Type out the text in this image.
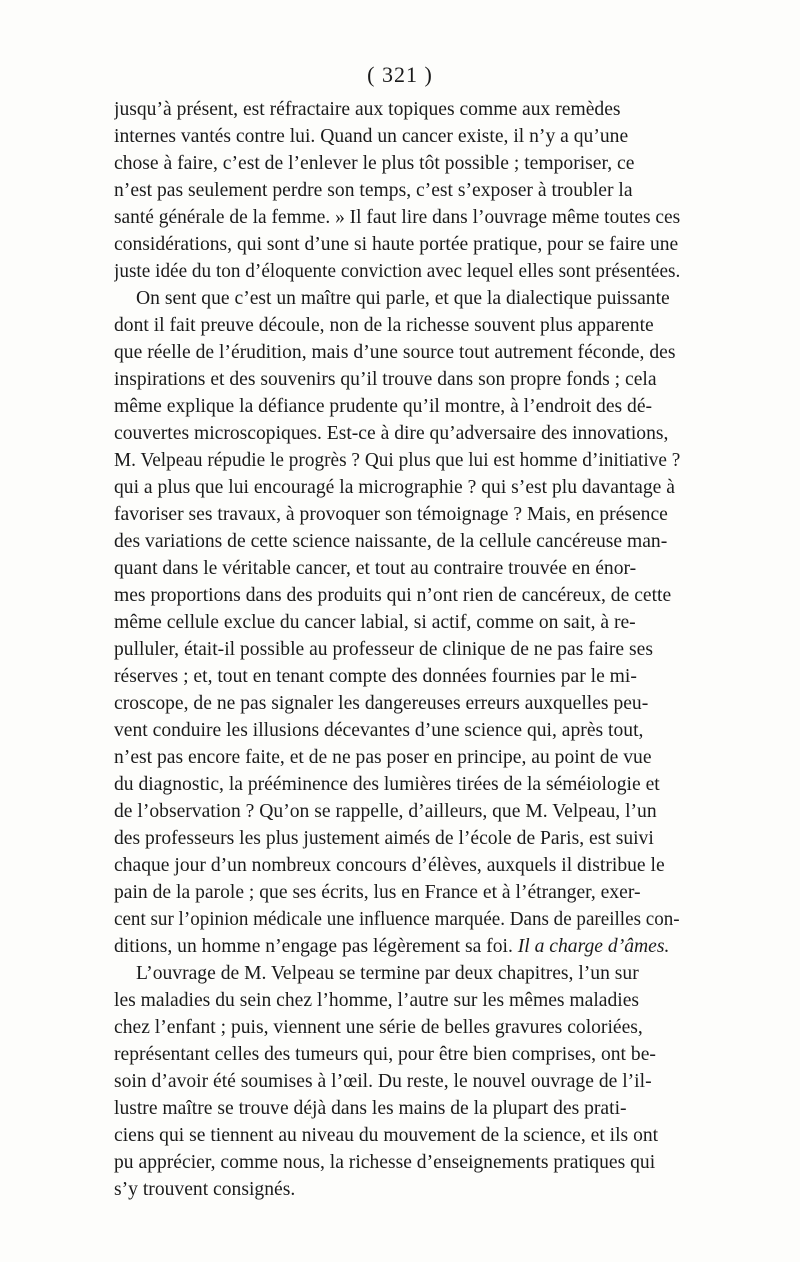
( 321 )
jusqu’à présent, est réfractaire aux topiques comme aux remèdes
internes vantés contre lui. Quand un cancer existe, il n’y a qu’une
chose à faire, c’est de l’enlever le plus tôt possible ; temporiser, ce
n’est pas seulement perdre son temps, c’est s’exposer à troubler la
santé générale de la femme. » Il faut lire dans l’ouvrage même toutes ces
considérations, qui sont d’une si haute portée pratique, pour se faire une
juste idée du ton d’éloquente conviction avec lequel elles sont présentées.
On sent que c’est un maître qui parle, et que la dialectique puissante
dont il fait preuve découle, non de la richesse souvent plus apparente
que réelle de l’érudition, mais d’une source tout autrement féconde, des
inspirations et des souvenirs qu’il trouve dans son propre fonds ; cela
même explique la défiance prudente qu’il montre, à l’endroit des dé-
couvertes microscopiques. Est-ce à dire qu’adversaire des innovations,
M. Velpeau répudie le progrès ? Qui plus que lui est homme d’initiative ?
qui a plus que lui encouragé la micrographie ? qui s’est plu davantage à
favoriser ses travaux, à provoquer son témoignage ? Mais, en présence
des variations de cette science naissante, de la cellule cancéreuse man-
quant dans le véritable cancer, et tout au contraire trouvée en énor-
mes proportions dans des produits qui n’ont rien de cancéreux, de cette
même cellule exclue du cancer labial, si actif, comme on sait, à re-
pulluler, était-il possible au professeur de clinique de ne pas faire ses
réserves ; et, tout en tenant compte des données fournies par le mi-
croscope, de ne pas signaler les dangereuses erreurs auxquelles peu-
vent conduire les illusions décevantes d’une science qui, après tout,
n’est pas encore faite, et de ne pas poser en principe, au point de vue
du diagnostic, la prééminence des lumières tirées de la séméiologie et
de l’observation ? Qu’on se rappelle, d’ailleurs, que M. Velpeau, l’un
des professeurs les plus justement aimés de l’école de Paris, est suivi
chaque jour d’un nombreux concours d’élèves, auxquels il distribue le
pain de la parole ; que ses écrits, lus en France et à l’étranger, exer-
cent sur l’opinion médicale une influence marquée. Dans de pareilles con-
ditions, un homme n’engage pas légèrement sa foi. Il a charge d’âmes.
L’ouvrage de M. Velpeau se termine par deux chapitres, l’un sur
les maladies du sein chez l’homme, l’autre sur les mêmes maladies
chez l’enfant ; puis, viennent une série de belles gravures coloriées,
représentant celles des tumeurs qui, pour être bien comprises, ont be-
soin d’avoir été soumises à l’œil. Du reste, le nouvel ouvrage de l’il-
lustre maître se trouve déjà dans les mains de la plupart des prati-
ciens qui se tiennent au niveau du mouvement de la science, et ils ont
pu apprécier, comme nous, la richesse d’enseignements pratiques qui
s’y trouvent consignés.
